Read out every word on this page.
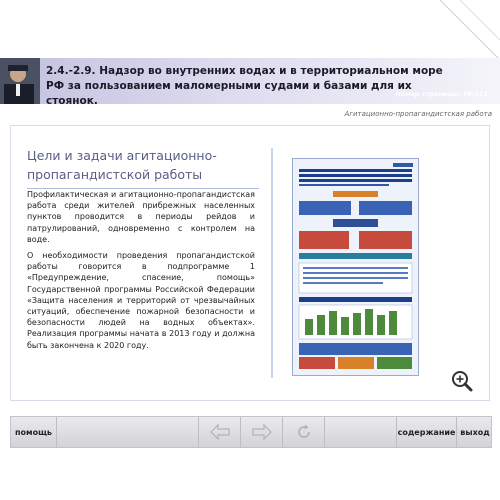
2.4.-2.9. Надзор во внутренних водах и в территориальном море РФ за пользованием маломерными судами и базами для их стоянок.
Номер страницы: 76/112
Агитационно-пропагандистская работа
Цели и задачи агитационно-пропагандистской работы

Профилактическая и агитационно-пропагандистская работа среди жителей прибрежных населенных пунктов проводится в периоды рейдов и патрулирований, одновременно с контролем на воде.

О необходимости проведения пропагандистской работы говорится в подпрограмме 1 «Предупреждение, спасение, помощь» Государственной программы Российской Федерации «Защита населения и территорий от чрезвычайных ситуаций, обеспечение пожарной безопасности и безопасности людей на водных объектах». Реализация программы начата в 2013 году и должна быть закончена к 2020 году.

помощь	содержание выход
